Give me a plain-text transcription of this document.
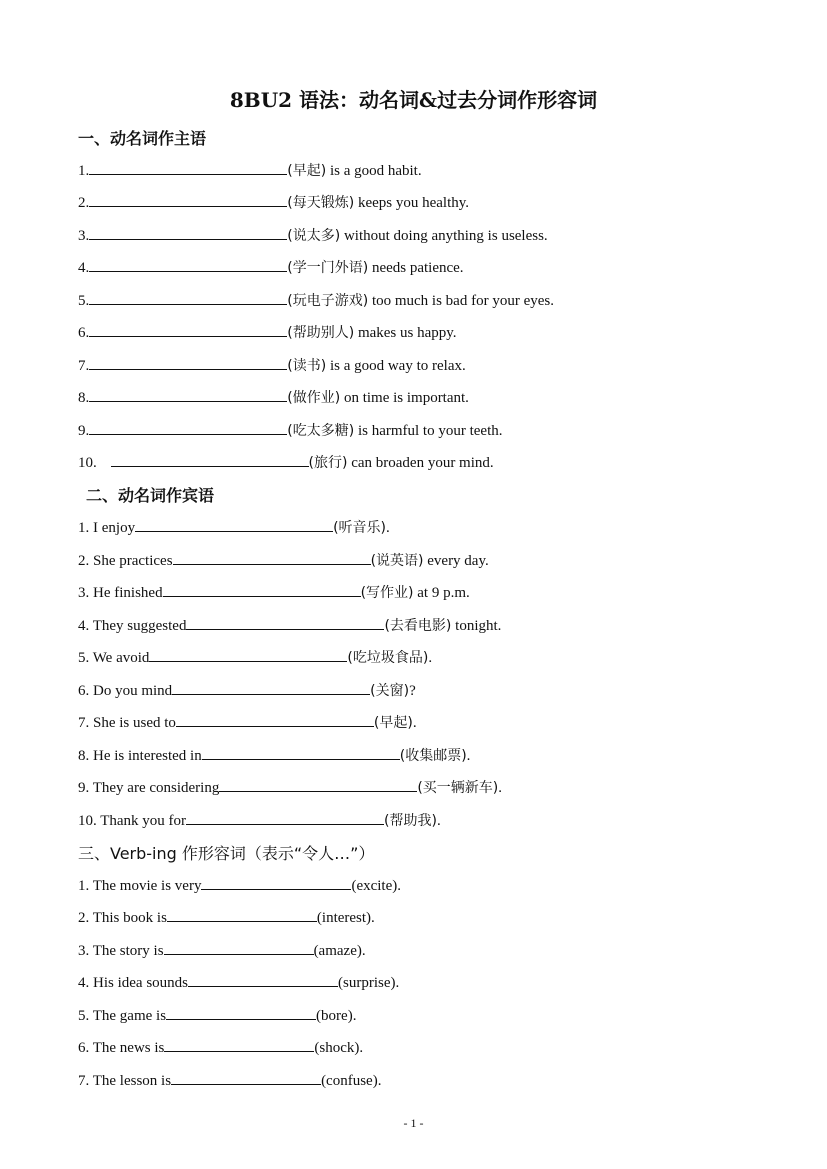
8BU2 语法：动名词&过去分词作形容词
一、动名词作主语
1.	(早起) is a good habit.
2.	(每天锻炼) keeps you healthy.
3.	(说太多) without doing anything is useless.
4.	(学一门外语) needs patience.
5.	(玩电子游戏) too much is bad for your eyes.
6.	(帮助别人) makes us happy.
7.	(读书) is a good way to relax.
8.	(做作业) on time is important.
9.	(吃太多糖) is harmful to your teeth.
10.	(旅行) can broaden your mind.
二、动名词作宾语
1. I enjoy	(听音乐).
2. She practices	(说英语) every day.
3. He finished	(写作业) at 9 p.m.
4. They suggested	(去看电影) tonight.
5. We avoid	(吃垃圾食品).
6. Do you mind	(关窗)?
7. She is used to	(早起).
8. He is interested in	(收集邮票).
9. They are considering	(买一辆新车).
10. Thank you for	(帮助我).
三、Verb-ing 作形容词（表示“令人…”）
1. The movie is very	(excite).
2. This book is	(interest).
3. The story is	(amaze).
4. His idea sounds	(surprise).
5. The game is	(bore).
6. The news is	(shock).
7. The lesson is	(confuse).
- 1 -
